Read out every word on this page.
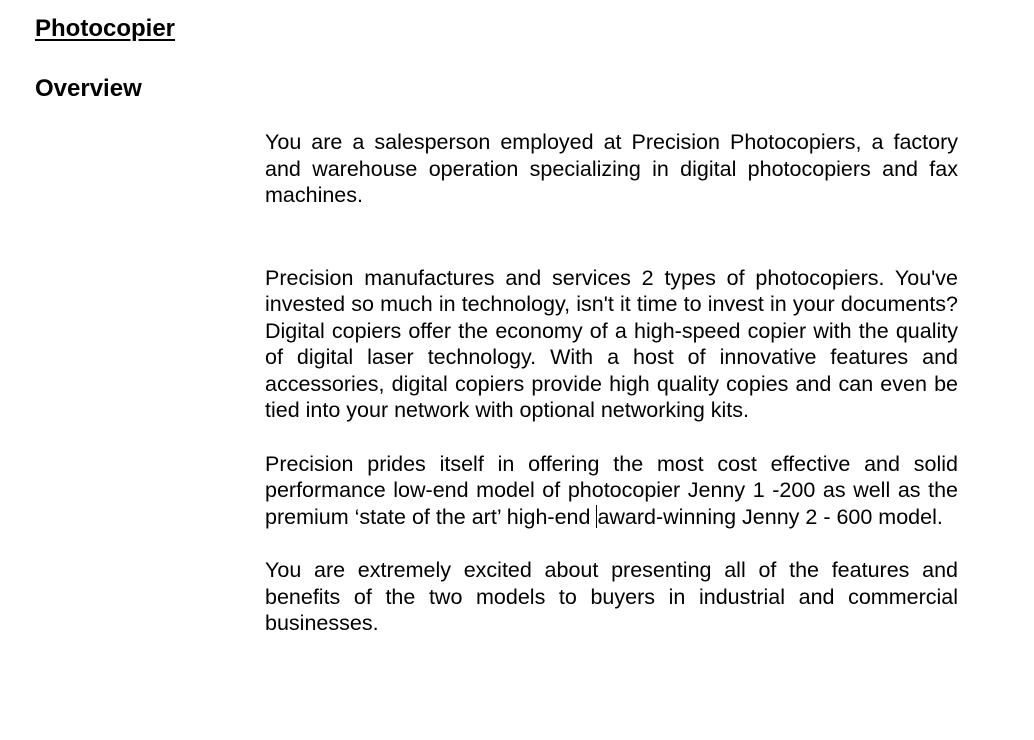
Photocopier
Overview

You are a salesperson employed at Precision Photocopiers, a factory and warehouse operation specializing in digital photocopiers and fax machines.

Precision manufactures and services 2 types of photocopiers. You've invested so much in technology, isn't it time to invest in your documents? Digital copiers offer the economy of a high-speed copier with the quality of digital laser technology. With a host of innovative features and accessories, digital copiers provide high quality copies and can even be tied into your network with optional networking kits.

Precision prides itself in offering the most cost effective and solid performance low-end model of photocopier Jenny 1 -200 as well as the premium ‘state of the art’ high-end award-winning Jenny 2 - 600 model.

You are extremely excited about presenting all of the features and benefits of the two models to buyers in industrial and commercial businesses.
